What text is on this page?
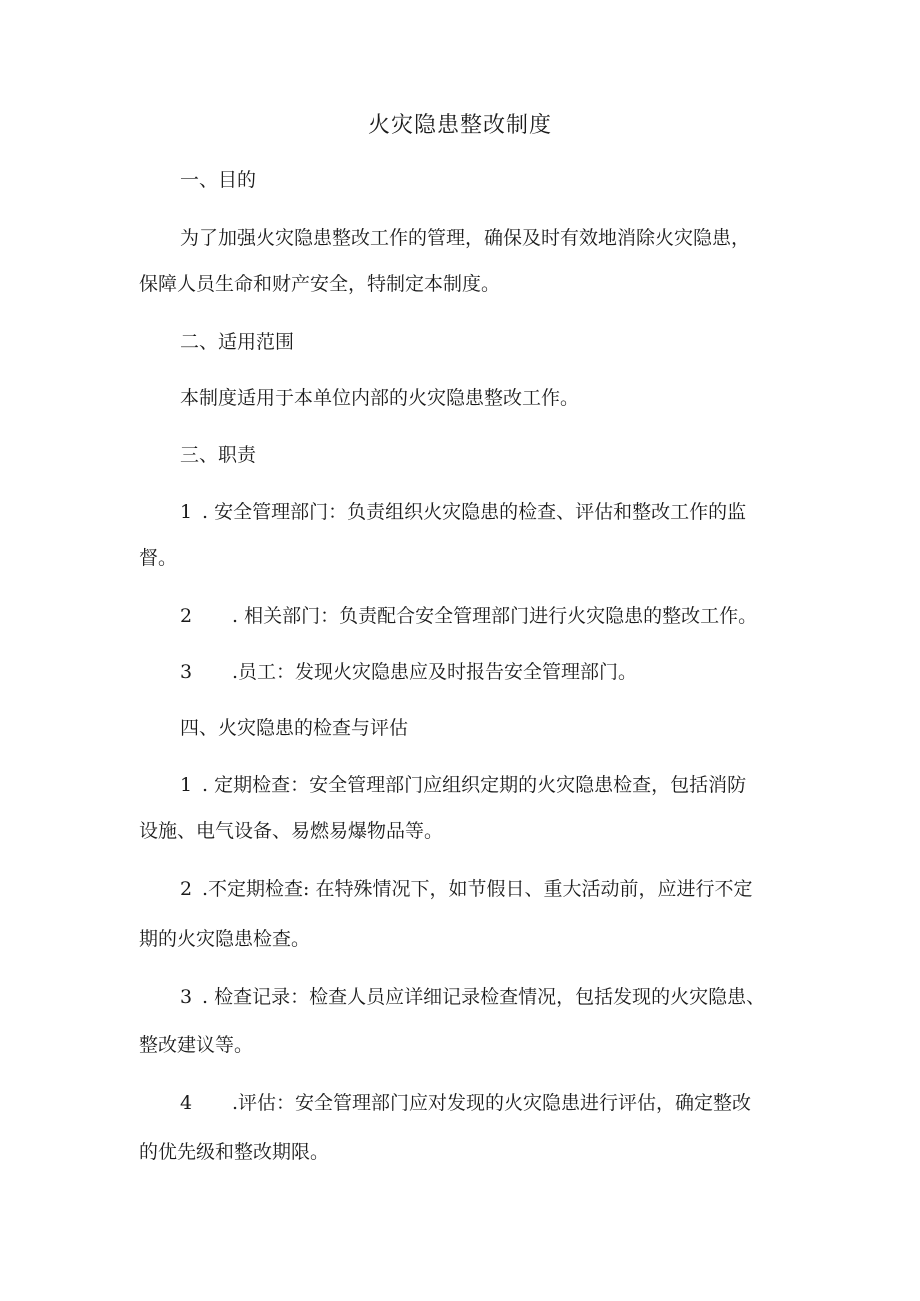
火灾隐患整改制度
一、目的
为了加强火灾隐患整改工作的管理，确保及时有效地消除火灾隐患，
保障人员生命和财产安全，特制定本制度。
二、适用范围
本制度适用于本单位内部的火灾隐患整改工作。
三、职责
1 . 安全管理部门：负责组织火灾隐患的检查、评估和整改工作的监
督。
2 . 相关部门：负责配合安全管理部门进行火灾隐患的整改工作。
3 .员工：发现火灾隐患应及时报告安全管理部门。
四、火灾隐患的检查与评估
1 . 定期检查：安全管理部门应组织定期的火灾隐患检查，包括消防
设施、电气设备、易燃易爆物品等。
2 .不定期检查: 在特殊情况下，如节假日、重大活动前，应进行不定
期的火灾隐患检查。
3 . 检查记录：检查人员应详细记录检查情况，包括发现的火灾隐患、
整改建议等。
4 .评估：安全管理部门应对发现的火灾隐患进行评估，确定整改
的优先级和整改期限。
